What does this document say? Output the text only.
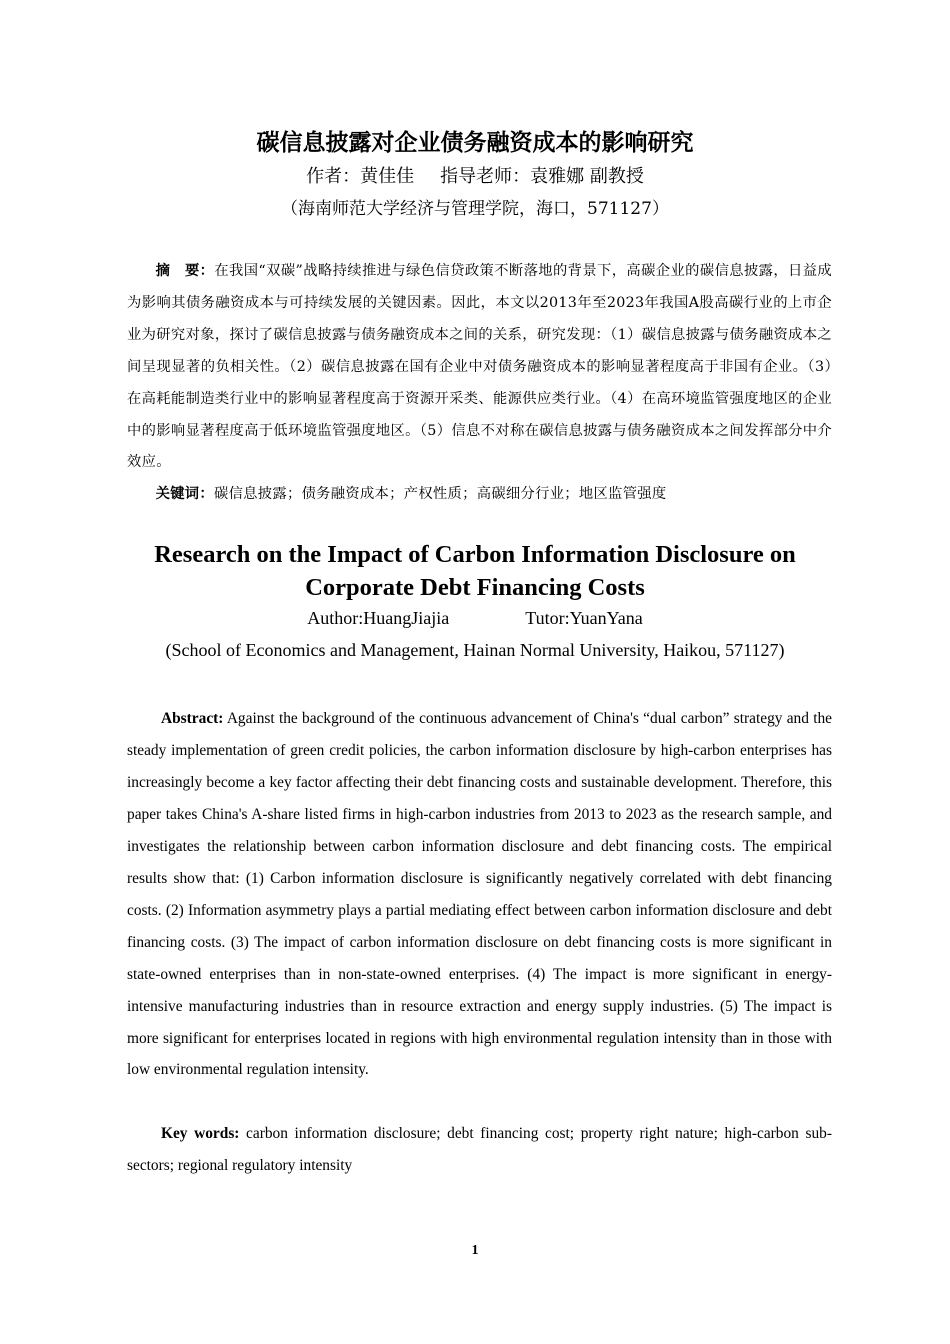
碳信息披露对企业债务融资成本的影响研究
作者：黄佳佳 指导老师：袁雅娜 副教授
（海南师范大学经济与管理学院，海口，571127）

摘　要：在我国“双碳”战略持续推进与绿色信贷政策不断落地的背景下，高碳企业的碳信息披露，日益成为影响其债务融资成本与可持续发展的关键因素。因此，本文以2013年至2023年我国A股高碳行业的上市企业为研究对象，探讨了碳信息披露与债务融资成本之间的关系，研究发现：（1）碳信息披露与债务融资成本之间呈现显著的负相关性。（2）碳信息披露在国有企业中对债务融资成本的影响显著程度高于非国有企业。（3）在高耗能制造类行业中的影响显著程度高于资源开采类、能源供应类行业。（4）在高环境监管强度地区的企业中的影响显著程度高于低环境监管强度地区。（5）信息不对称在碳信息披露与债务融资成本之间发挥部分中介效应。

关键词：碳信息披露；债务融资成本；产权性质；高碳细分行业；地区监管强度

Research on the Impact of Carbon Information Disclosure on Corporate Debt Financing Costs

Author:HuangJiajia	Tutor:YuanYana
(School of Economics and Management, Hainan Normal University, Haikou, 571127)

Abstract: Against the background of the continuous advancement of China's “dual carbon” strategy and the steady implementation of green credit policies, the carbon information disclosure by high-carbon enterprises has increasingly become a key factor affecting their debt financing costs and sustainable development. Therefore, this paper takes China's A-share listed firms in high-carbon industries from 2013 to 2023 as the research sample, and investigates the relationship between carbon information disclosure and debt financing costs. The empirical results show that: (1) Carbon information disclosure is significantly negatively correlated with debt financing costs. (2) Information asymmetry plays a partial mediating effect between carbon information disclosure and debt financing costs. (3) The impact of carbon information disclosure on debt financing costs is more significant in state-owned enterprises than in non-state-owned enterprises. (4) The impact is more significant in energy-intensive manufacturing industries than in resource extraction and energy supply industries. (5) The impact is more significant for enterprises located in regions with high environmental regulation intensity than in those with low environmental regulation intensity.

Key words: carbon information disclosure; debt financing cost; property right nature; high-carbon sub-sectors; regional regulatory intensity

1
